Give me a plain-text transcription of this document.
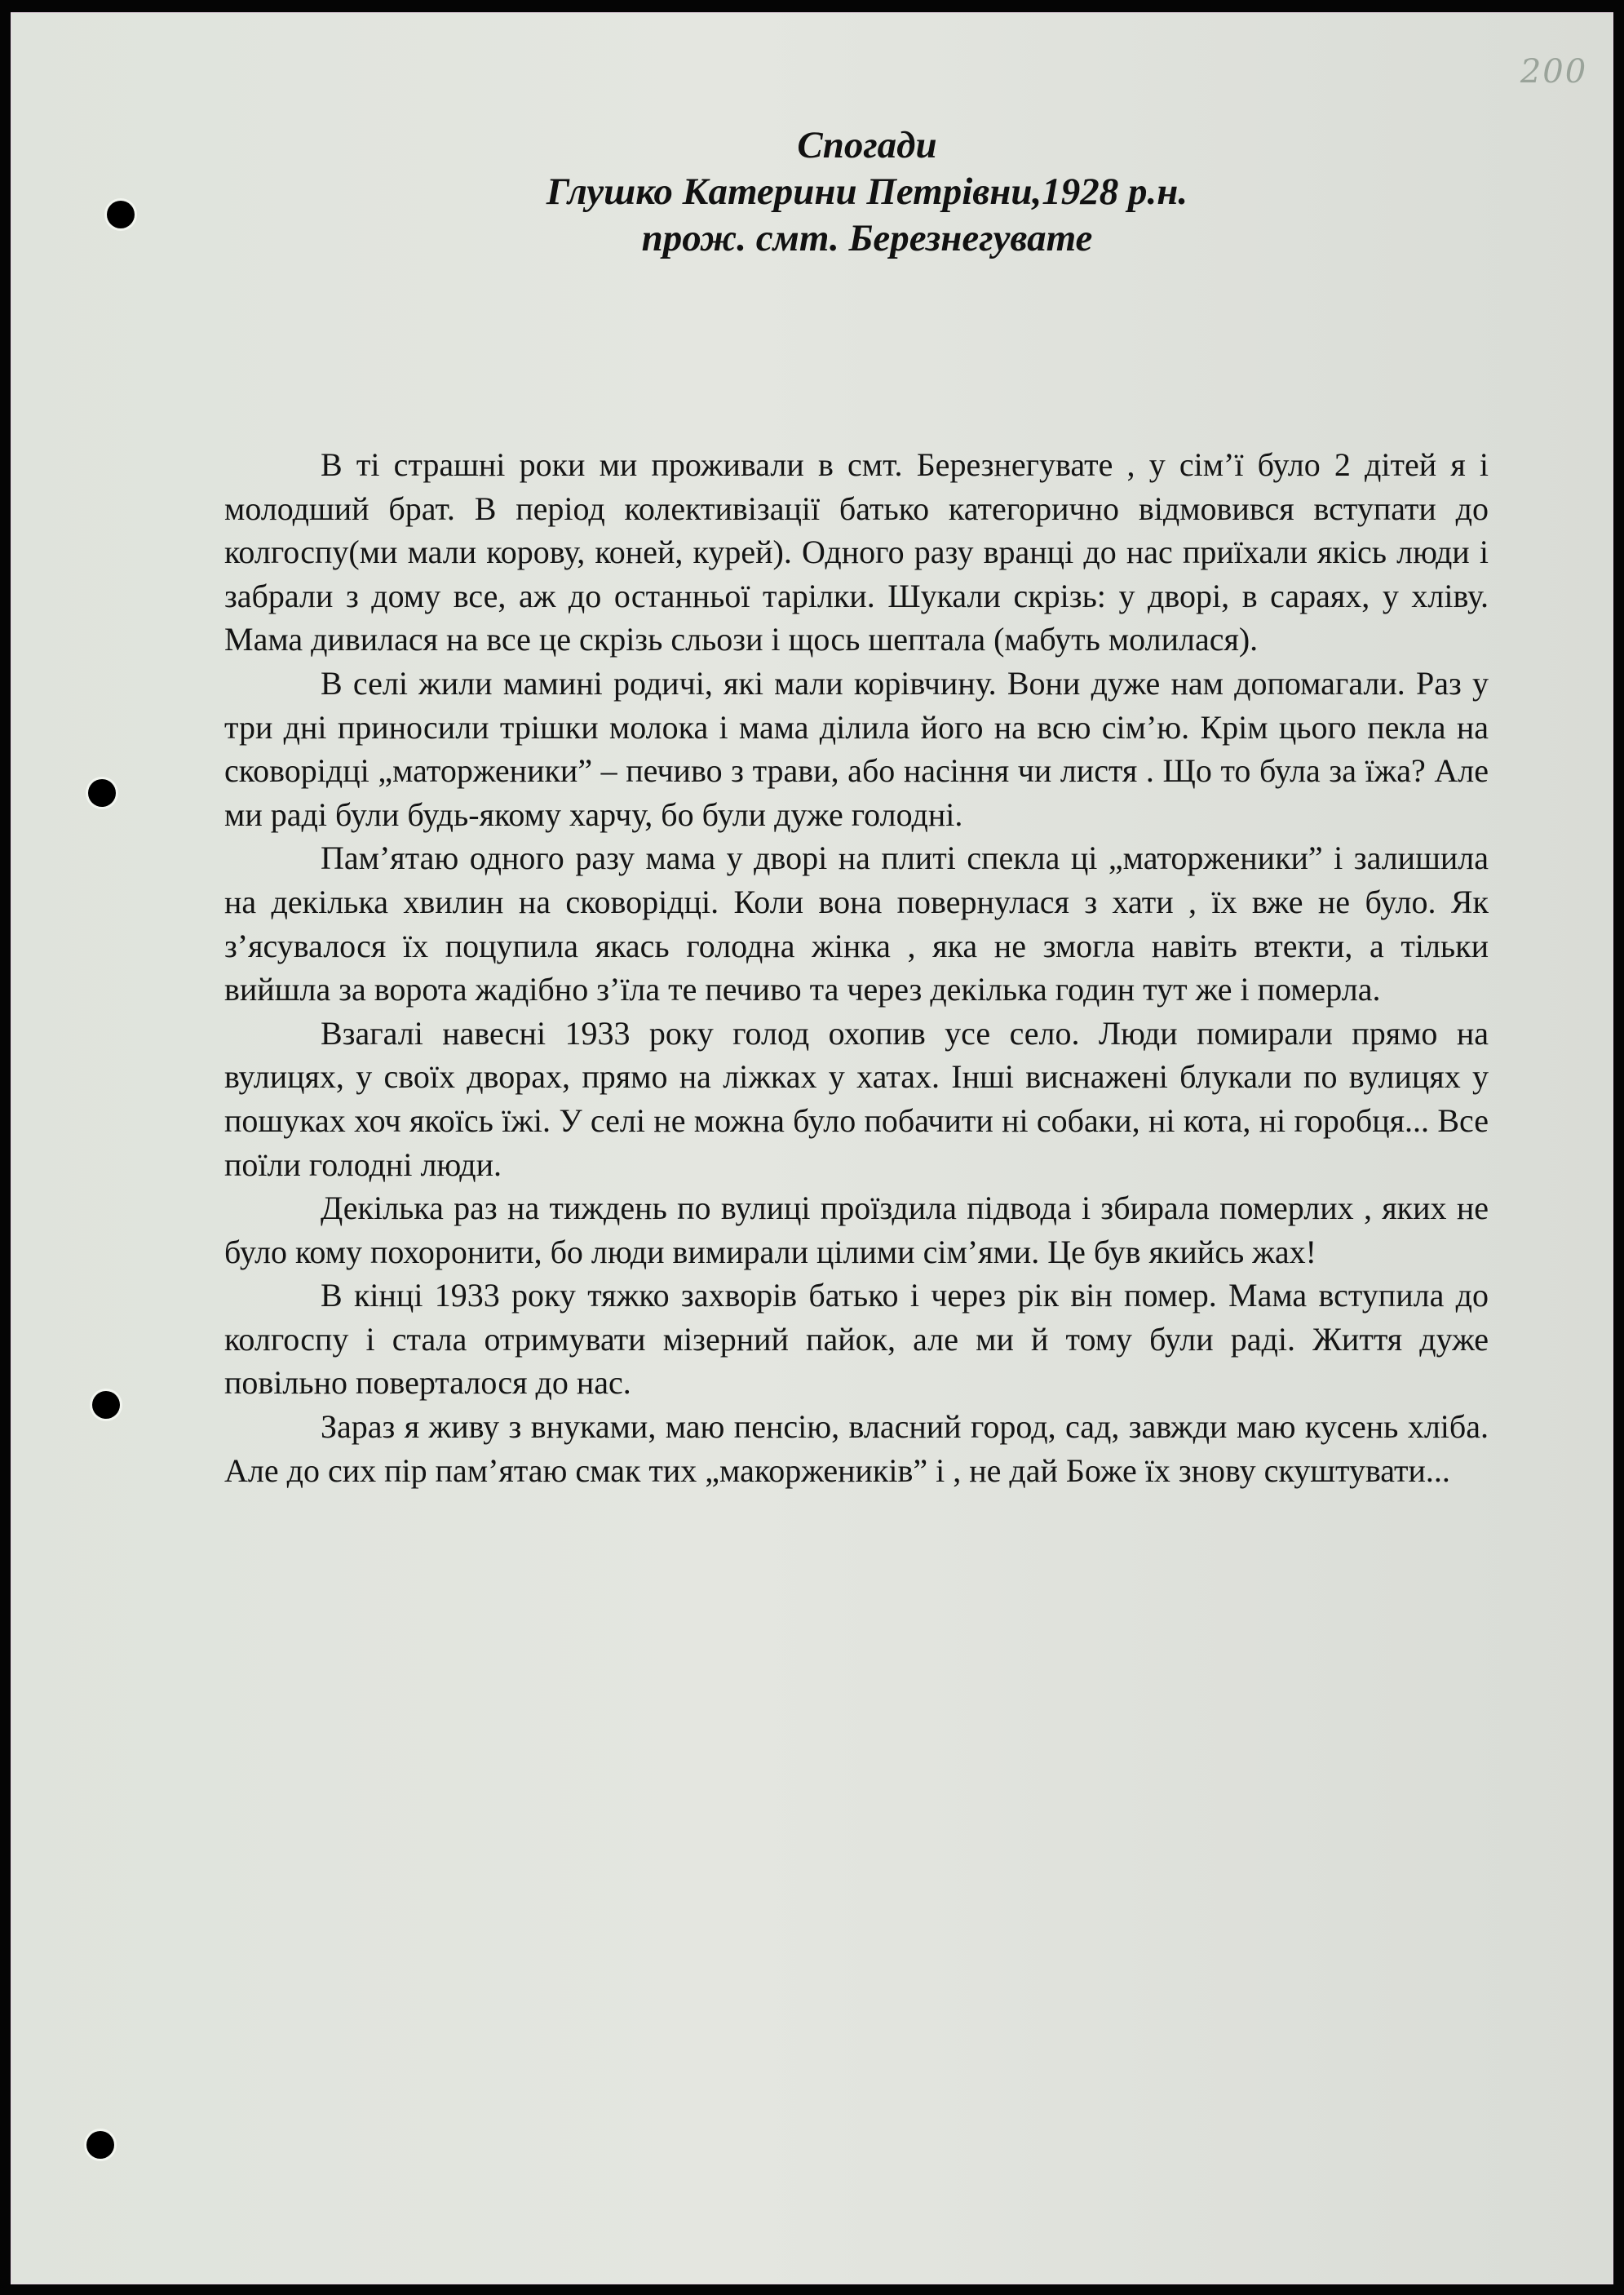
200
Спогади
Глушко Катерини Петрівни,1928 р.н.
прож. смт. Березнегувате

В ті страшні роки ми проживали в смт. Березнегувате , у сім’ї було 2 дітей я і молодший брат. В період колективізації батько категорично відмовився вступати до колгоспу(ми мали корову, коней, курей). Одного разу вранці до нас приїхали якісь люди і забрали з дому все, аж до останньої тарілки. Шукали скрізь: у дворі, в сараях, у хліву. Мама дивилася на все це скрізь сльози і щось шептала (мабуть молилася).

В селі жили мамині родичі, які мали корівчину. Вони дуже нам допомагали. Раз у три дні приносили трішки молока і мама ділила його на всю сім’ю. Крім цього пекла на сковорідці „маторженики” – печиво з трави, або насіння чи листя . Що то була за їжа? Але ми раді були будь-якому харчу, бо були дуже голодні.

Пам’ятаю одного разу мама у дворі на плиті спекла ці „маторженики” і залишила на декілька хвилин на сковорідці. Коли вона повернулася з хати , їх вже не було. Як з’ясувалося їх поцупила якась голодна жінка , яка не змогла навіть втекти, а тільки вийшла за ворота жадібно з’їла те печиво та через декілька годин тут же і померла.

Взагалі навесні 1933 року голод охопив усе село. Люди помирали прямо на вулицях, у своїх дворах, прямо на ліжках у хатах. Інші виснажені блукали по вулицях у пошуках хоч якоїсь їжі. У селі не можна було побачити ні собаки, ні кота, ні горобця... Все поїли голодні люди.

Декілька раз на тиждень по вулиці проїздила підвода і збирала померлих , яких не було кому похоронити, бо люди вимирали цілими сім’ями. Це був якийсь жах!

В кінці 1933 року тяжко захворів батько і через рік він помер. Мама вступила до колгоспу і стала отримувати мізерний пайок, але ми й тому були раді. Життя дуже повільно поверталося до нас.

Зараз я живу з внуками, маю пенсію, власний город, сад, завжди маю кусень хліба. Але до сих пір пам’ятаю смак тих „макорженикiв” і , не дай Боже їх знову скуштувати...
